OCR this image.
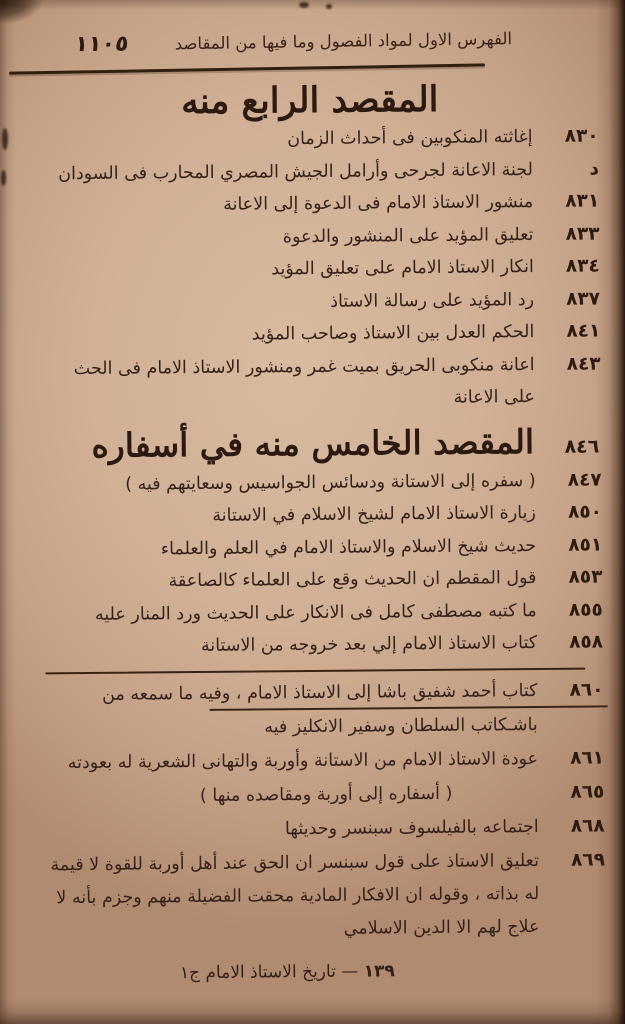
الفهرس الاول لمواد الفصول وما فيها من المقاصد
١١٠٥
المقصد الرابع منه
٨٣٠
إغاثته المنكوبين فى أحداث الزمان
د
لجنة الاعانة لجرحى وأرامل الجيش المصري المحارب فى السودان
٨٣١
منشور الاستاذ الامام فى الدعوة إلى الاعانة
٨٣٣
تعليق المؤيد على المنشور والدعوة
٨٣٤
انكار الاستاذ الامام على تعليق المؤيد
٨٣٧
رد المؤيد على رسالة الاستاذ
٨٤١
الحكم العدل بين الاستاذ وصاحب المؤيد
٨٤٣
اعانة منكوبى الحريق بميت غمر ومنشور الاستاذ الامام فى الحث على الاعانة
٨٤٦
المقصد الخامس منه في أسفاره
٨٤٧
( سفره إلى الاستانة ودسائس الجواسيس وسعايتهم فيه )
٨٥٠
زيارة الاستاذ الامام لشيخ الاسلام في الاستانة
٨٥١
حديث شيخ الاسلام والاستاذ الامام في العلم والعلماء
٨٥٣
قول المقطم ان الحديث وقع على العلماء كالصاعقة
٨٥٥
ما كتبه مصطفى كامل فى الانكار على الحديث ورد المنار عليه
٨٥٨
كتاب الاستاذ الامام إلي بعد خروجه من الاستانة
٨٦٠
كتاب أحمد شفيق باشا إلى الاستاذ الامام ، وفيه ما سمعه من باشـكاتب السلطان وسفير الانكليز فيه
٨٦١
عودة الاستاذ الامام من الاستانة وأوربة والتهانى الشعرية له بعودته
٨٦٥
( أسفاره إلى أوربة ومقاصده منها )
٨٦٨
اجتماعه بالفيلسوف سبنسر وحديثها
٨٦٩
تعليق الاستاذ على قول سبنسر ان الحق عند أهل أوربة للقوة لا قيمة له بذاته ، وقوله ان الافكار المادية محقت الفضيلة منهم وجزم بأنه لا علاج لهم الا الدين الاسلامي
١٣٩ — تاريخ الاستاذ الامام ج١
